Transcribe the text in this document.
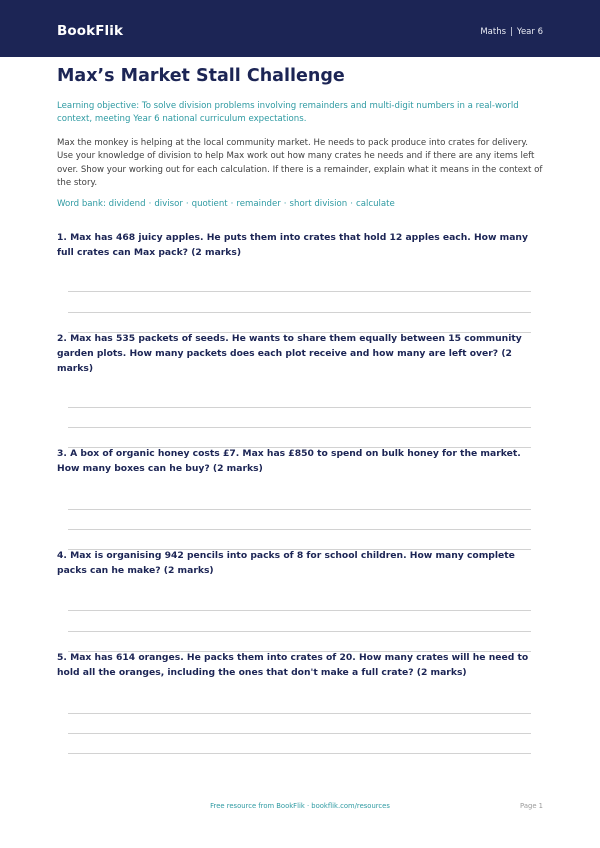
BookFlik	Maths | Year 6
Max’s Market Stall Challenge

Learning objective: To solve division problems involving remainders and multi-digit numbers in a real-world context, meeting Year 6 national curriculum expectations.

Max the monkey is helping at the local community market. He needs to pack produce into crates for delivery. Use your knowledge of division to help Max work out how many crates he needs and if there are any items left over. Show your working out for each calculation. If there is a remainder, explain what it means in the context of the story.

Word bank: dividend · divisor · quotient · remainder · short division · calculate

1. Max has 468 juicy apples. He puts them into crates that hold 12 apples each. How many full crates can Max pack? (2 marks)

2. Max has 535 packets of seeds. He wants to share them equally between 15 community garden plots. How many packets does each plot receive and how many are left over? (2 marks)

3. A box of organic honey costs £7. Max has £850 to spend on bulk honey for the market. How many boxes can he buy? (2 marks)

4. Max is organising 942 pencils into packs of 8 for school children. How many complete packs can he make? (2 marks)

5. Max has 614 oranges. He packs them into crates of 20. How many crates will he need to hold all the oranges, including the ones that don't make a full crate? (2 marks)

Free resource from BookFlik · bookflik.com/resources	Page 1
